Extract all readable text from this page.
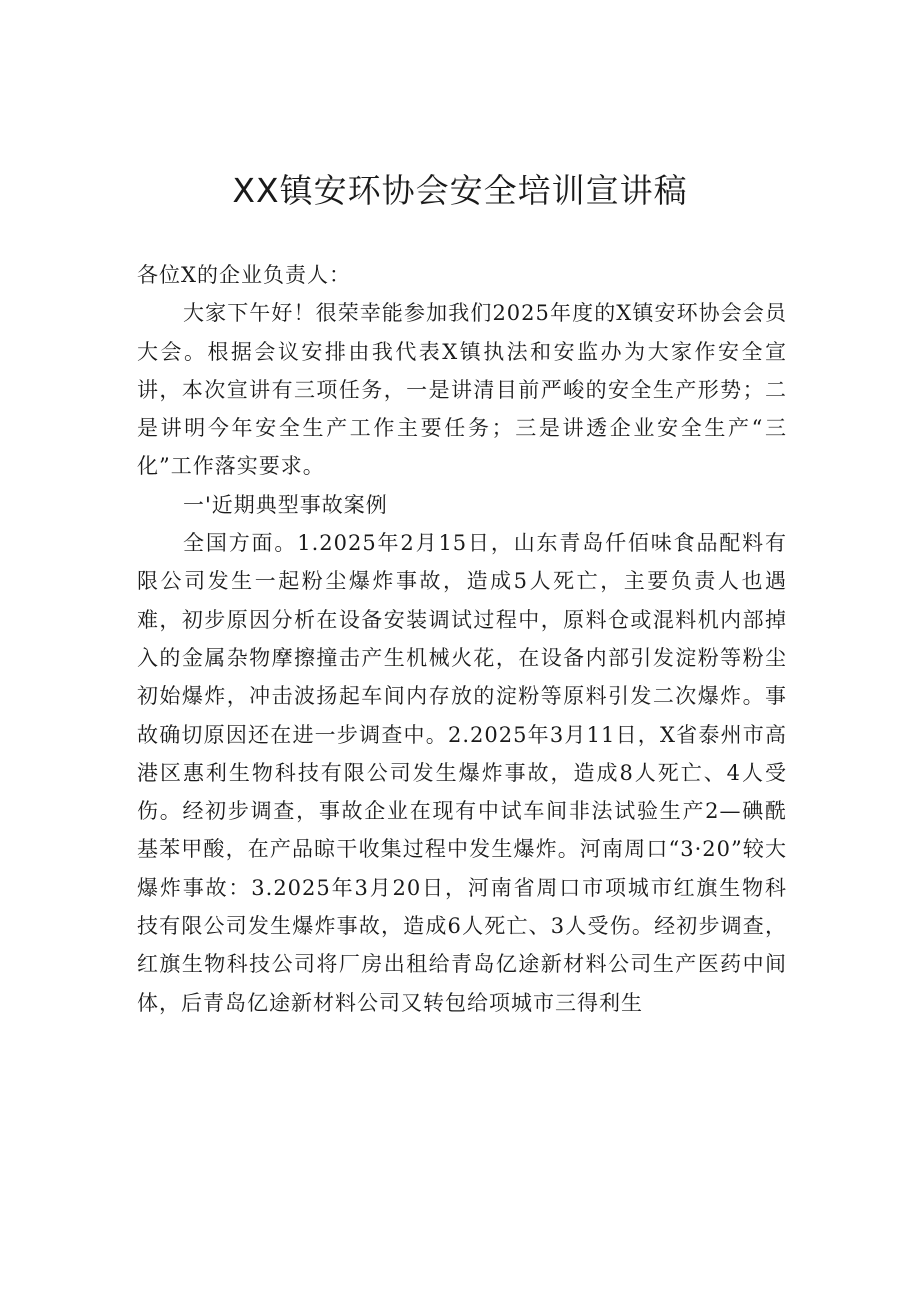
XX镇安环协会安全培训宣讲稿

各位X的企业负责人：

大家下午好！很荣幸能参加我们2025年度的X镇安环协会会员大会。根据会议安排由我代表X镇执法和安监办为大家作安全宣讲，本次宣讲有三项任务，一是讲清目前严峻的安全生产形势；二是讲明今年安全生产工作主要任务；三是讲透企业安全生产“三化”工作落实要求。

一'近期典型事故案例

全国方面。1.2025年2月15日，山东青岛仟佰味食品配料有限公司发生一起粉尘爆炸事故，造成5人死亡，主要负责人也遇难，初步原因分析在设备安装调试过程中，原料仓或混料机内部掉入的金属杂物摩擦撞击产生机械火花，在设备内部引发淀粉等粉尘初始爆炸，冲击波扬起车间内存放的淀粉等原料引发二次爆炸。事故确切原因还在进一步调查中。2.2025年3月11日，X省泰州市高港区惠利生物科技有限公司发生爆炸事故，造成8人死亡、4人受伤。经初步调查，事故企业在现有中试车间非法试验生产2—碘酰基苯甲酸，在产品晾干收集过程中发生爆炸。河南周口“3·20”较大爆炸事故：3.2025年3月20日，河南省周口市项城市红旗生物科技有限公司发生爆炸事故，造成6人死亡、3人受伤。经初步调查，红旗生物科技公司将厂房出租给青岛亿途新材料公司生产医药中间体，后青岛亿途新材料公司又转包给项城市三得利生
